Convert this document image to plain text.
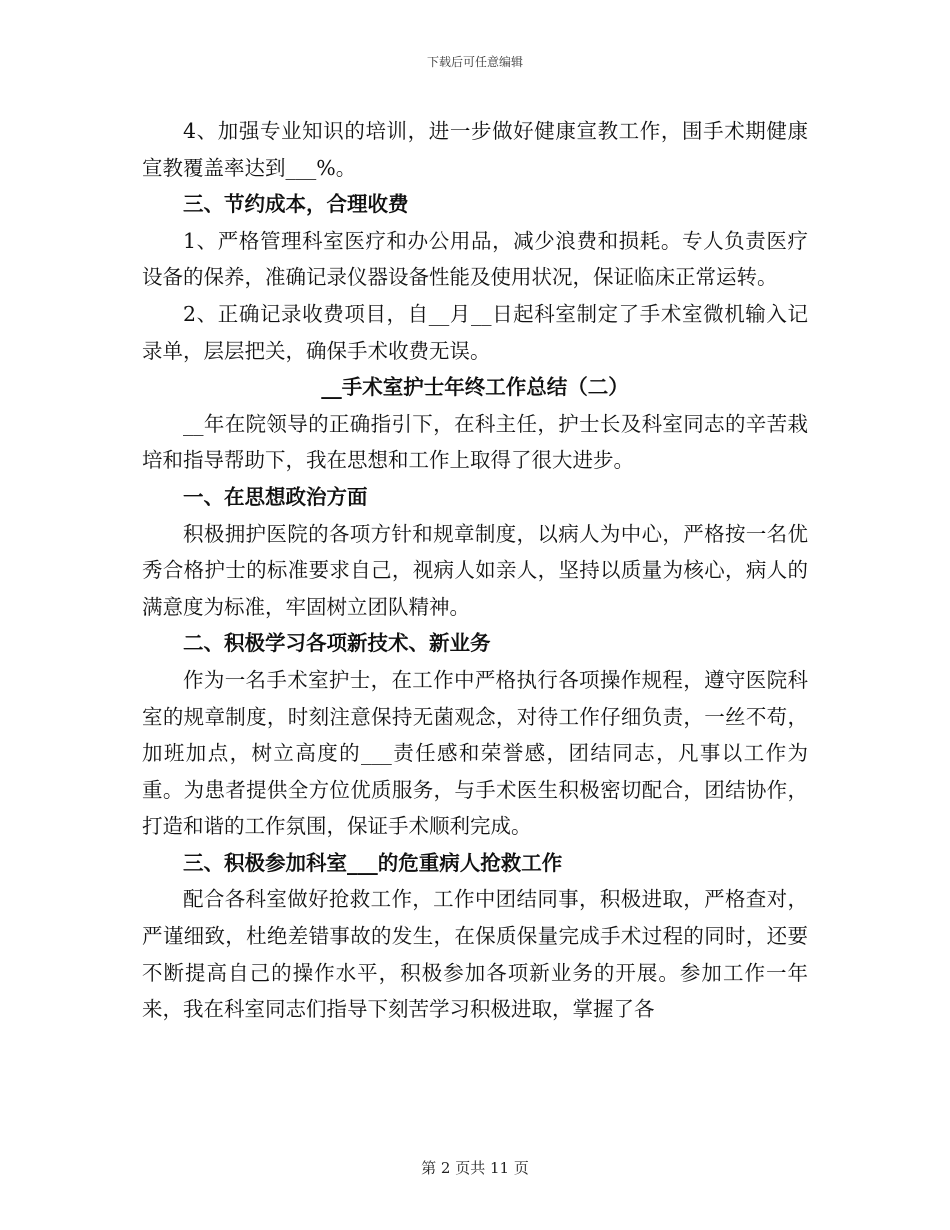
下载后可任意编辑

4、加强专业知识的培训，进一步做好健康宣教工作，围手术期健康宣教覆盖率达到___%。

三、节约成本，合理收费

1、严格管理科室医疗和办公用品，减少浪费和损耗。专人负责医疗设备的保养，准确记录仪器设备性能及使用状况，保证临床正常运转。

2、正确记录收费项目，自__月__日起科室制定了手术室微机输入记录单，层层把关，确保手术收费无误。

__手术室护士年终工作总结（二）

__年在院领导的正确指引下，在科主任，护士长及科室同志的辛苦栽培和指导帮助下，我在思想和工作上取得了很大进步。

一、在思想政治方面

积极拥护医院的各项方针和规章制度，以病人为中心，严格按一名优秀合格护士的标准要求自己，视病人如亲人，坚持以质量为核心，病人的满意度为标准，牢固树立团队精神。

二、积极学习各项新技术、新业务

作为一名手术室护士，在工作中严格执行各项操作规程，遵守医院科室的规章制度，时刻注意保持无菌观念，对待工作仔细负责，一丝不苟，加班加点，树立高度的___责任感和荣誉感，团结同志，凡事以工作为重。为患者提供全方位优质服务，与手术医生积极密切配合，团结协作，打造和谐的工作氛围，保证手术顺利完成。

三、积极参加科室___的危重病人抢救工作

配合各科室做好抢救工作，工作中团结同事，积极进取，严格查对，严谨细致，杜绝差错事故的发生，在保质保量完成手术过程的同时，还要不断提高自己的操作水平，积极参加各项新业务的开展。参加工作一年来，我在科室同志们指导下刻苦学习积极进取，掌握了各

第 2 页共 11 页
